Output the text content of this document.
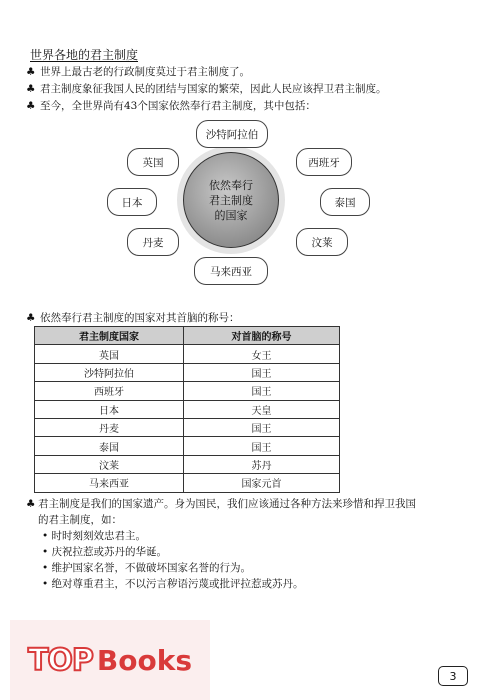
世界各地的君主制度
♣ 世界上最古老的行政制度莫过于君主制度了。
♣ 君主制度象征我国人民的团结与国家的繁荣，因此人民应该捍卫君主制度。
♣ 至今，全世界尚有43个国家依然奉行君主制度，其中包括：
依然奉行
君主制度
的国家
沙特阿拉伯
英国	西班牙
日本	泰国
丹麦	汶莱
马来西亚
♣ 依然奉行君主制度的国家对其首脑的称号：
君主制度国家	对首脑的称号
英国	女王
沙特阿拉伯	国王
西班牙	国王
日本	天皇
丹麦	国王
泰国	国王
汶莱	苏丹
马来西亚	国家元首
♣ 君主制度是我们的国家遗产。身为国民，我们应该通过各种方法来珍惜和捍卫我国
的君主制度，如：
• 时时刻刻效忠君主。
• 庆祝拉惹或苏丹的华诞。
• 维护国家名誉，不做破坏国家名誉的行为。
• 绝对尊重君主，不以污言秽语污蔑或批评拉惹或苏丹。
TOP Books	3
